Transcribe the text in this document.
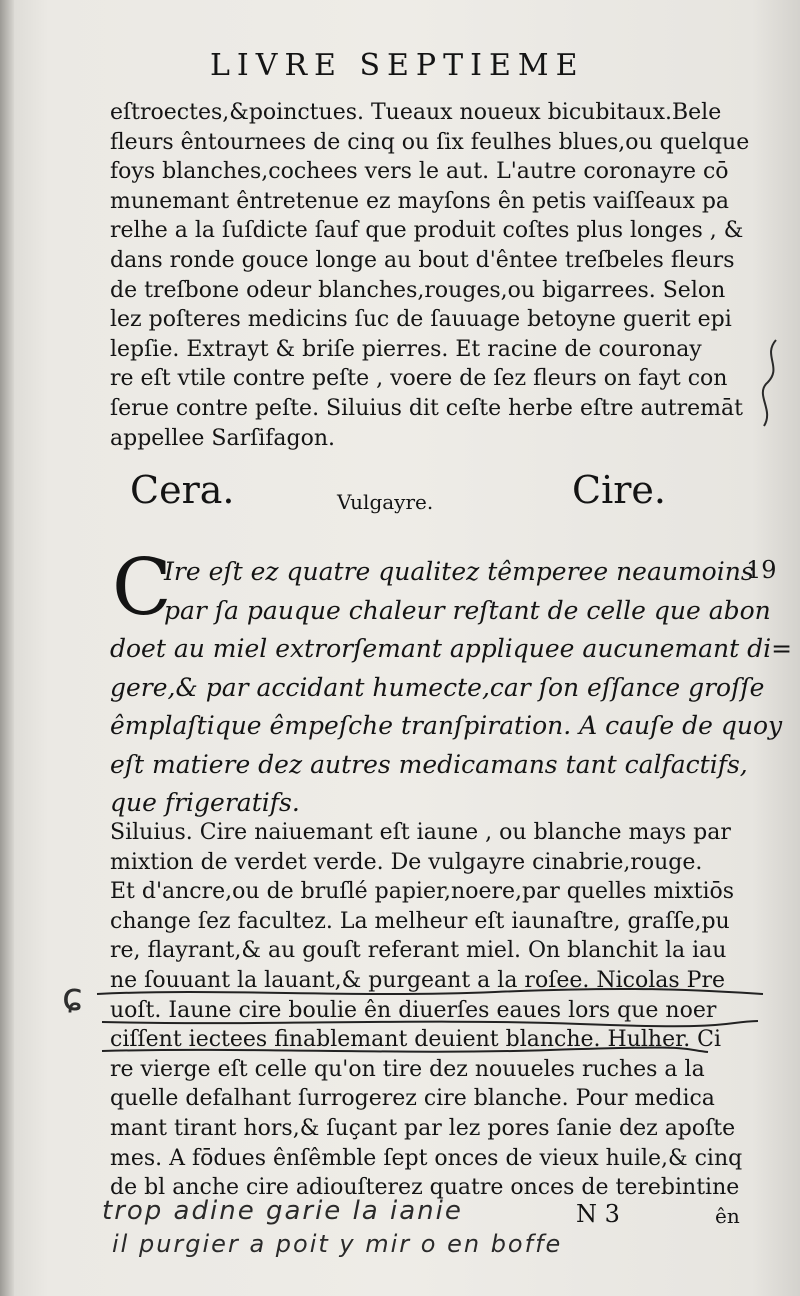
LIVRE SEPTIEME
eſtroectes,&poinctues. Tueaux noueux bicubitaux.Bele
fleurs êntournees de cinq ou ſix feulhes blues,ou quelque
foys blanches,cochees vers le aut. L'autre coronayre cō
munemant êntretenue ez mayſons ên petis vaiſſeaux pa
relhe a la ſuſdicte ſauf que produit coſtes plus longes , &
dans ronde gouce longe au bout d'êntee treſbeles fleurs
de treſbone odeur blanches,rouges,ou bigarrees. Selon
lez poſteres medicins ſuc de ſauuage betoyne guerit epi
lepſie. Extrayt & briſe pierres. Et racine de couronay
re eſt vtile contre peſte , voere de ſez fleurs on fayt con
ſerue contre peſte. Siluius dit ceſte herbe eſtre autremāt
appellee Sarſifagon.
Cera.	Vulgayre.	Cire.
C
Ire eſt ez quatre qualitez têmperee neaumoins
par ſa pauque chaleur reſtant de celle que abon
doet au miel extrorſemant appliquee aucunemant di=
gere,& par accidant humecte,car ſon eſſance groſſe
êmplaſtique êmpeſche tranſpiration. A cauſe de quoy
eſt matiere dez autres medicamans tant calfactifs,
que frigeratifs.
19
Siluius. Cire naiuemant eſt iaune , ou blanche mays par
mixtion de verdet verde. De vulgayre cinabrie,rouge.
Et d'ancre,ou de bruſlé papier,noere,par quelles mixtiōs
change ſez facultez. La melheur eſt iaunaſtre, graſſe,pu
re, flayrant,& au gouſt referant miel. On blanchit la iau
ne ſouuant la lauant,& purgeant a la roſee. Nicolas Pre
uoſt. Iaune cire boulie ên diuerſes eaues lors que noer
ciſſent iectees finablemant deuient blanche. Hulher. Ci
re vierge eſt celle qu'on tire dez nouueles ruches a la
quelle defalhant ſurrogerez cire blanche. Pour medica
mant tirant hors,& ſuçant par lez pores ſanie dez apoſte
mes. A fōdues ênſêmble ſept onces de vieux huile,& cinq
de bl anche cire adiouſterez quatre onces de terebintine
ɕ
trop adine garie la ianie
il purgier a poit y mir o en boffe
N 3	ên
